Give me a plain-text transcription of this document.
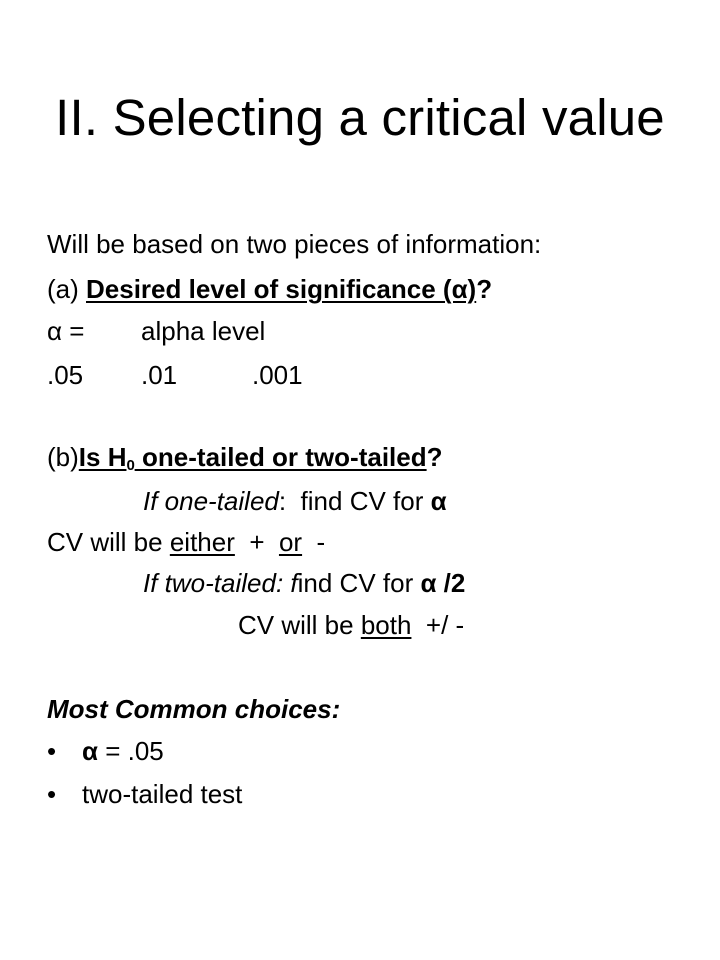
II. Selecting a critical value
Will be based on two pieces of information:
(a) Desired level of significance (α)?
α = alpha level
.05 .01	.001
(b)Is $H_0$ one-tailed or two-tailed?
If one-tailed:  find CV for α
CV will be either  +  or  -
If two-tailed: find CV for α /2
CV will be both  +/ -
Most Common choices:
• α = .05
• two-tailed test
